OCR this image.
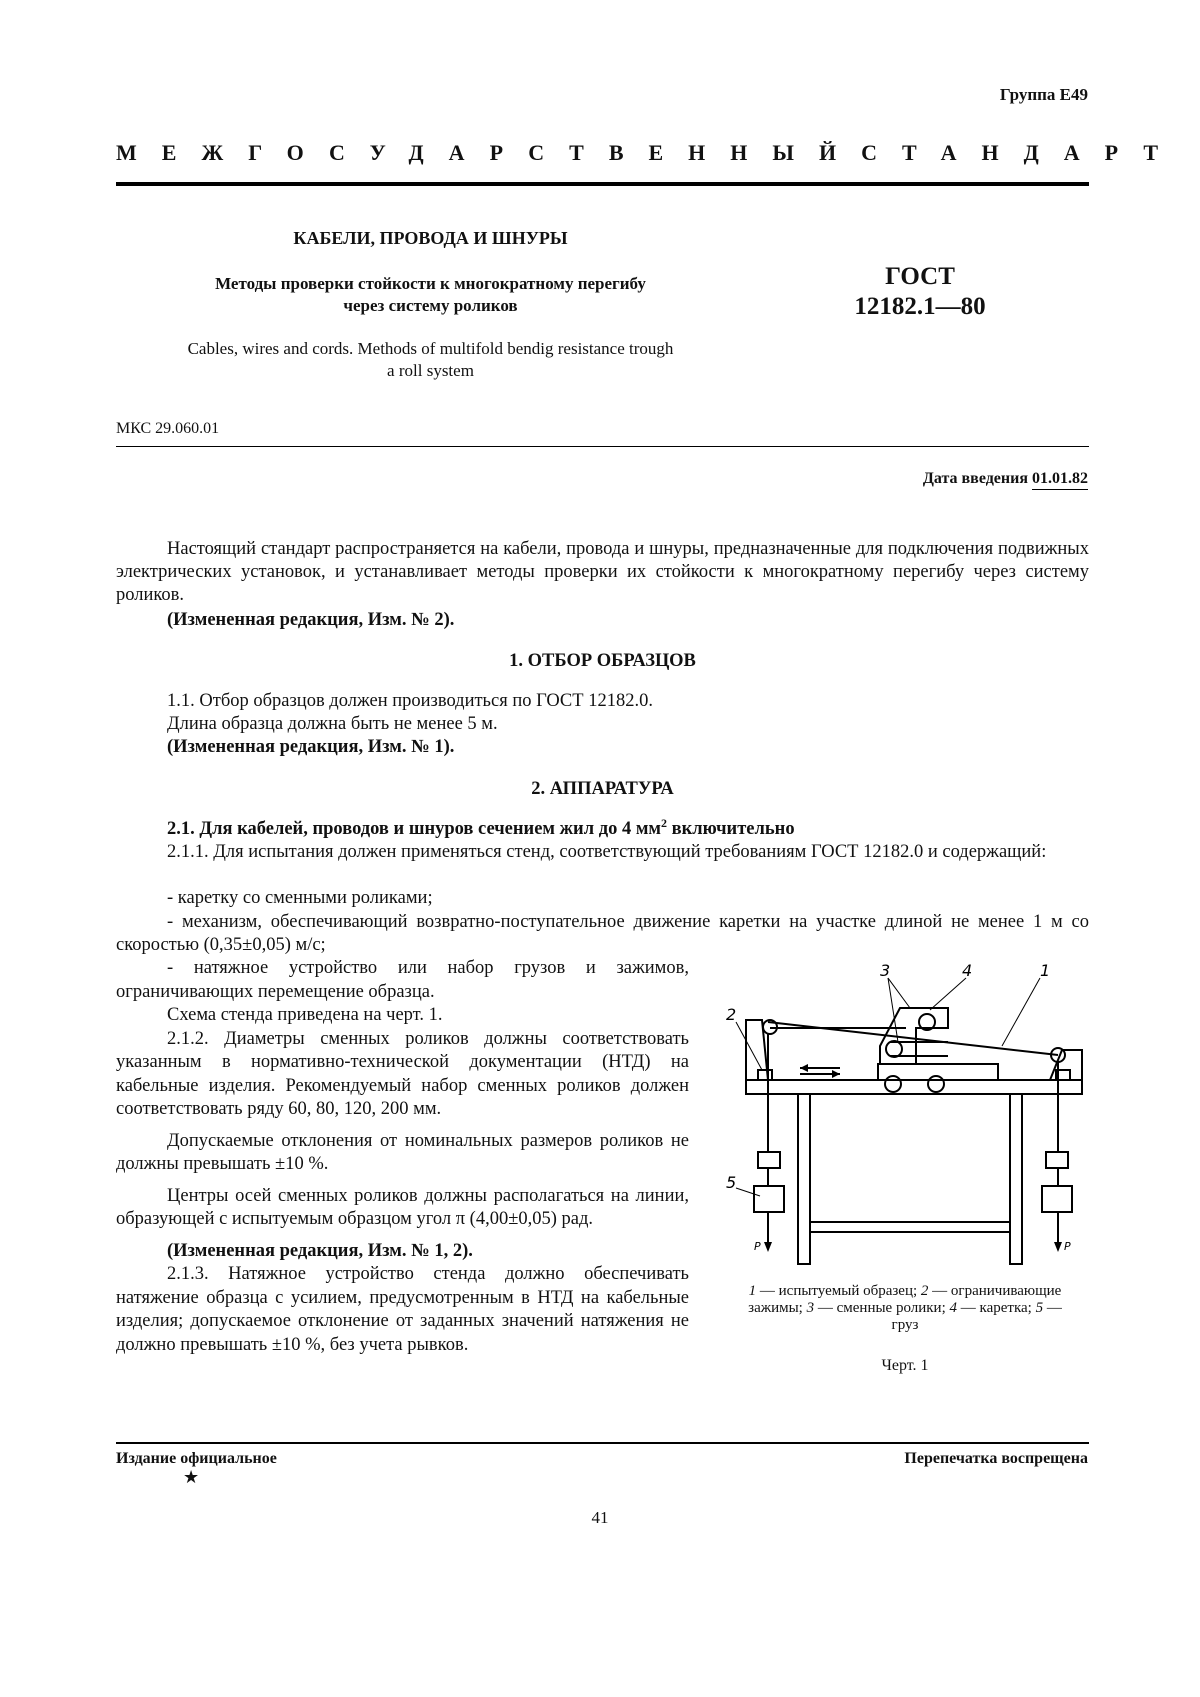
Группа Е49
МЕЖГОСУДАРСТВЕННЫЙ СТАНДАРТ
КАБЕЛИ, ПРОВОДА И ШНУРЫ
Методы проверки стойкости к многократному перегибу
через систему роликов
ГОСТ
12182.1—80
Cables, wires and cords. Methods of multifold bendig resistance trough
a roll system
МКС 29.060.01
Дата введения 01.01.82
Настоящий стандарт распространяется на кабели, провода и шнуры, предназначенные для подключения подвижных электрических установок, и устанавливает методы проверки их стойкости к многократному перегибу через систему роликов.
(Измененная редакция, Изм. № 2).
1. ОТБОР ОБРАЗЦОВ
1.1. Отбор образцов должен производиться по ГОСТ 12182.0.
Длина образца должна быть не менее 5 м.
(Измененная редакция, Изм. № 1).
2. АППАРАТУРА
2.1. Для кабелей, проводов и шнуров сечением жил до 4 $мм^2$ включительно
2.1.1. Для испытания должен применяться стенд, соответствующий требованиям ГОСТ 12182.0 и содержащий:
- каретку со сменными роликами;
- механизм, обеспечивающий возвратно-поступательное движение каретки на участке длиной не менее 1 м со скоростью (0,35±0,05) м/с;
- натяжное устройство или набор грузов и зажимов, ограничивающих перемещение образца.
Схема стенда приведена на черт. 1.
2.1.2. Диаметры сменных роликов должны соответствовать указанным в нормативно-технической документации (НТД) на кабельные изделия. Рекомендуемый набор сменных роликов должен соответствовать ряду 60, 80, 120, 200 мм.
Допускаемые отклонения от номинальных размеров роликов не должны превышать ±10 %.
Центры осей сменных роликов должны располагаться на линии, образующей с испытуемым образцом угол π (4,00±0,05) рад.
(Измененная редакция, Изм. № 1, 2).
2.1.3. Натяжное устройство стенда должно обеспечивать натяжение образца с усилием, предусмотренным в НТД на кабельные изделия; допускаемое отклонение от заданных значений натяжения не должно превышать ±10 %, без учета рывков.
1
2
3	4
5
P	P
1 — испытуемый образец; 2 — ограничивающие зажимы; 3 — сменные ролики; 4 — каретка; 5 — груз
Черт. 1
Издание официальное
★
Перепечатка воспрещена
41
